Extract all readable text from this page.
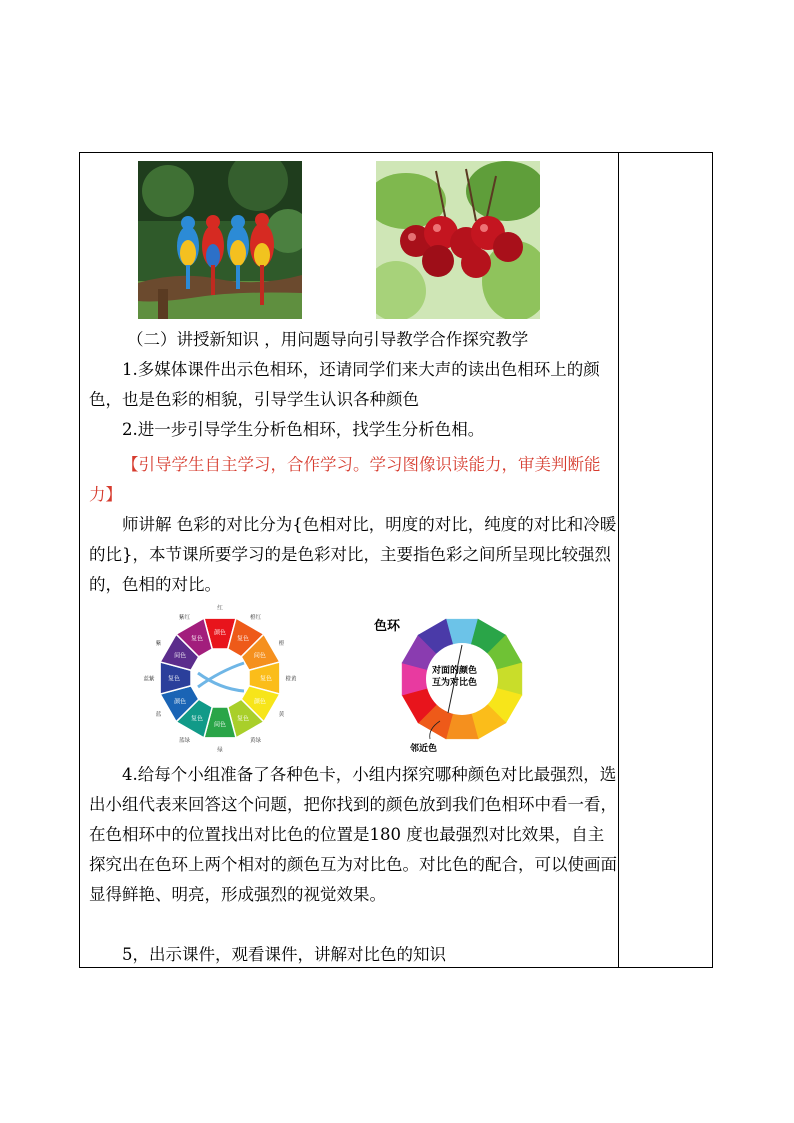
（二）讲授新知识 ，用问题导向引导教学合作探究教学
1.多媒体课件出示色相环，还请同学们来大声的读出色相环上的颜色，也是色彩的相貌，引导学生认识各种颜色
2.进一步引导学生分析色相环，找学生分析色相。
【引导学生自主学习，合作学习。学习图像识读能力，审美判断能力】
师讲解 色彩的对比分为{色相对比，明度的对比，纯度的对比和冷暖的比}，本节课所要学习的是色彩对比，主要指色彩之间所呈现比较强烈的，色相的对比。
颜色
红
复色
橙红
间色
橙
复色 橙黄
颜色
黄
复色
黄绿
间色
绿
复色
蓝绿
颜色
蓝
复色
蓝紫
间色
紫
复色
紫红
色环
对面的颜色
互为对比色
邻近色
4.给每个小组准备了各种色卡，小组内探究哪种颜色对比最强烈，选出小组代表来回答这个问题，把你找到的颜色放到我们色相环中看一看，在色相环中的位置找出对比色的位置是180 度也最强烈对比效果，自主探究出在色环上两个相对的颜色互为对比色。对比色的配合，可以使画面显得鲜艳、明亮，形成强烈的视觉效果。
5，出示课件，观看课件，讲解对比色的知识
